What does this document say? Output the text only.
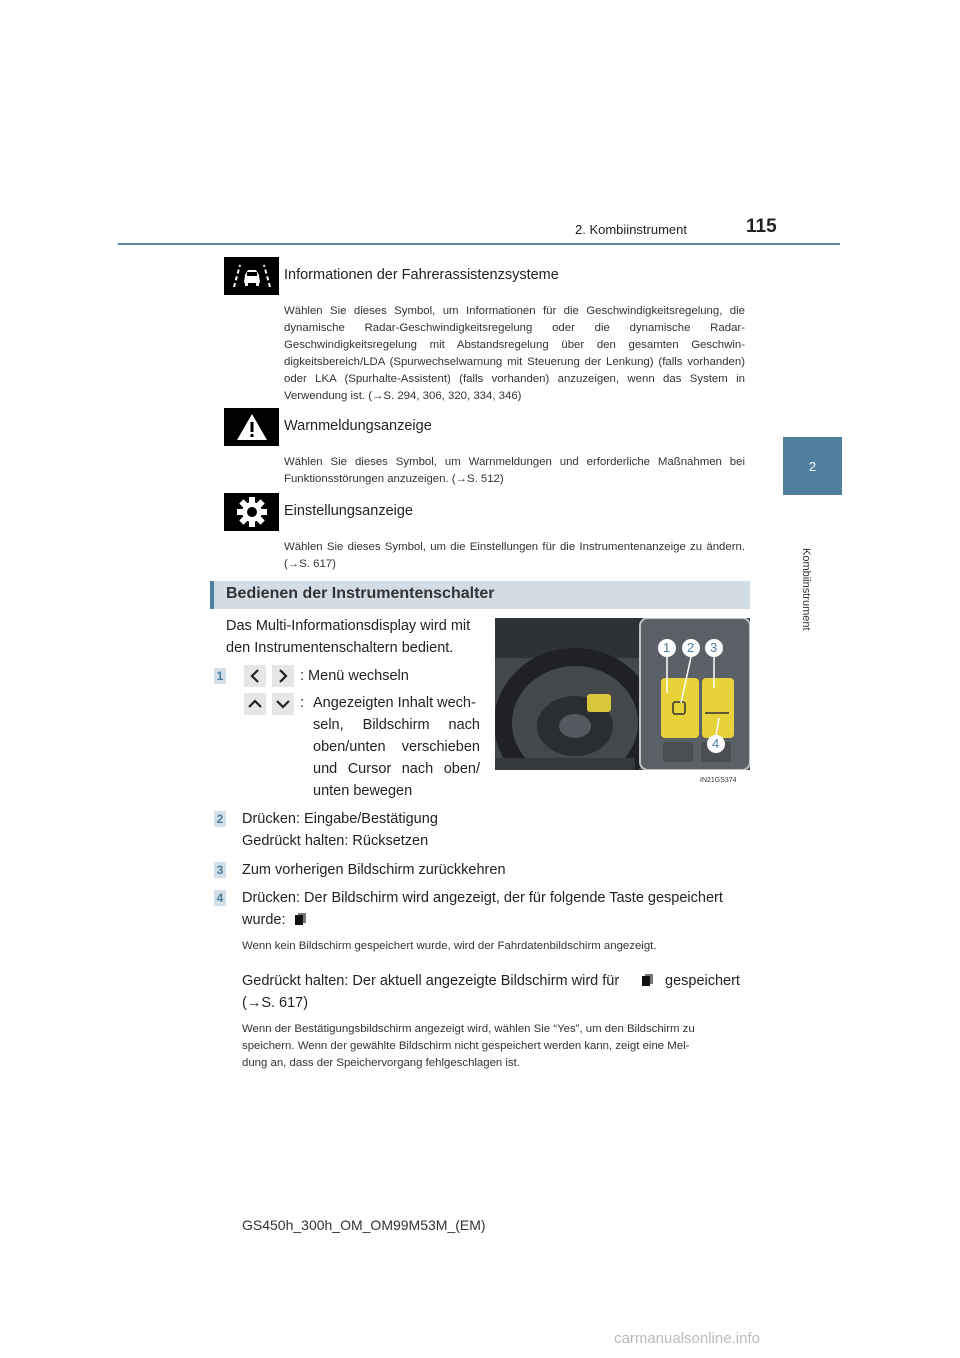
2. Kombiinstrument	115
2
Kombiinstrument
Informationen der Fahrerassistenzsysteme
Wählen Sie dieses Symbol, um Informationen für die Geschwindigkeitsregelung, die dynamische Radar-Geschwindigkeitsregelung oder die dynamische Radar-Geschwindigkeitsregelung mit Abstandsregelung über den gesamten Geschwin-digkeitsbereich/LDA (Spurwechselwarnung mit Steuerung der Lenkung) (falls vorhanden) oder LKA (Spurhalte-Assistent) (falls vorhanden) anzuzeigen, wenn das System in Verwendung ist. (→S. 294, 306, 320, 334, 346)
Warnmeldungsanzeige
Wählen Sie dieses Symbol, um Warnmeldungen und erforderliche Maßnahmen bei Funktionsstörungen anzuzeigen. (→S. 512)
Einstellungsanzeige
Wählen Sie dieses Symbol, um die Einstellungen für die Instrumentenanzeige zu ändern. (→S. 617)
Bedienen der Instrumentenschalter
Das Multi-Informationsdisplay wird mit
den Instrumentenschaltern bedient.	1 2 3
4
IN21GS374
1	: Menü wechseln
: Angezeigten Inhalt wech-
seln, Bildschirm nach
oben/unten verschieben
und Cursor nach oben/
unten bewegen
2 Drücken: Eingabe/Bestätigung
Gedrückt halten: Rücksetzen
3 Zum vorherigen Bildschirm zurückkehren
4 Drücken: Der Bildschirm wird angezeigt, der für folgende Taste gespeichert
wurde:
Wenn kein Bildschirm gespeichert wurde, wird der Fahrdatenbildschirm angezeigt.
Gedrückt halten: Der aktuell angezeigte Bildschirm wird für	gespeichert
(→S. 617)
Wenn der Bestätigungsbildschirm angezeigt wird, wählen Sie “Yes”, um den Bildschirm zu
speichern. Wenn der gewählte Bildschirm nicht gespeichert werden kann, zeigt eine Mel-
dung an, dass der Speichervorgang fehlgeschlagen ist.
GS450h_300h_OM_OM99M53M_(EM)
carmanualsonline.info
